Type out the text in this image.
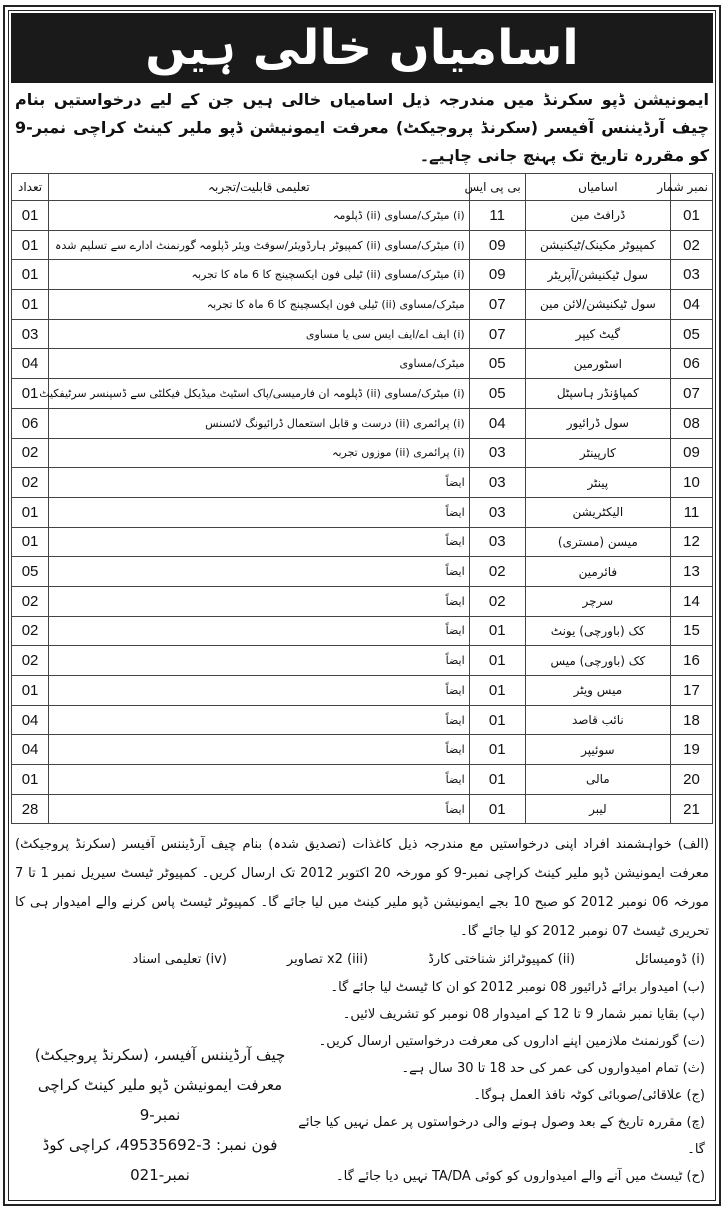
اسامیاں خالی ہیں
ایمونیشن ڈپو سکرنڈ میں مندرجہ ذیل اسامیاں خالی ہیں جن کے لیے درخواستیں بنام چیف آرڈیننس آفیسر (سکرنڈ پروجیکٹ) معرفت ایمونیشن ڈپو ملیر کینٹ کراچی نمبر-9 کو مقررہ تاریخ تک پہنچ جانی چاہیے۔
نمبر شمار	اسامیاں	بی پی ایس	تعلیمی قابلیت/تجربہ	تعداد
01	ڈرافٹ مین	11	(i) میٹرک/مساوی (ii) ڈپلومہ	01
02	کمپیوٹر مکینک/ٹیکنیشن	09	(i) میٹرک/مساوی (ii) کمپیوٹر ہارڈویئر/سوفٹ ویئر ڈپلومہ گورنمنٹ ادارے سے تسلیم شدہ	01
03	سول ٹیکنیشن/آپریٹر	09	(i) میٹرک/مساوی (ii) ٹیلی فون ایکسچینج کا 6 ماہ کا تجربہ	01
04	سول ٹیکنیشن/لائن مین	07	میٹرک/مساوی (ii) ٹیلی فون ایکسچینج کا 6 ماہ کا تجربہ	01
05	گیٹ کیپر	07	(i) ایف اے/ایف ایس سی یا مساوی	03
06	اسٹورمین	05	میٹرک/مساوی	04
07	کمپاؤنڈر ہاسپٹل	05	(i) میٹرک/مساوی (ii) ڈپلومہ ان فارمیسی/پاک اسٹیٹ میڈیکل فیکلٹی سے ڈسپنسر سرٹیفکیٹ	01
08	سول ڈرائیور	04	(i) پرائمری (ii) درست و قابل استعمال ڈرائیونگ لائسنس	06
09	کارپینٹر	03	(i) پرائمری (ii) موزوں تجربہ	02
10	پینٹر	03	ایضاً	02
11	الیکٹریشن	03	ایضاً	01
12	میسن (مستری)	03	ایضاً	01
13	فائرمین	02	ایضاً	05
14	سرچر	02	ایضاً	02
15	کک (باورچی) یونٹ	01	ایضاً	02
16	کک (باورچی) میس	01	ایضاً	02
17	میس ویٹر	01	ایضاً	01
18	نائب قاصد	01	ایضاً	04
19	سوئیپر	01	ایضاً	04
20	مالی	01	ایضاً	01
21	لیبر	01	ایضاً	28
(الف) خواہشمند افراد اپنی درخواستیں مع مندرجہ ذیل کاغذات (تصدیق شدہ) بنام چیف آرڈیننس آفیسر (سکرنڈ پروجیکٹ) معرفت ایمونیشن ڈپو ملیر کینٹ کراچی نمبر-9 کو مورخہ 20 اکتوبر 2012 تک ارسال کریں۔ کمپیوٹر ٹیسٹ سیریل نمبر 1 تا 7 مورخہ 06 نومبر 2012 کو صبح 10 بجے ایمونیشن ڈپو ملیر کینٹ میں لیا جائے گا۔ کمپیوٹر ٹیسٹ پاس کرنے والے امیدوار ہی کا تحریری ٹیسٹ 07 نومبر 2012 کو لیا جائے گا۔
(i) ڈومیسائل
(ii) کمپیوٹرائز شناختی کارڈ
(iii) x2 تصاویر
(iv) تعلیمی اسناد
(ب) امیدوار برائے ڈرائیور 08 نومبر 2012 کو ان کا ٹیسٹ لیا جائے گا۔
(پ) بقایا نمبر شمار 9 تا 12 کے امیدوار 08 نومبر کو تشریف لائیں۔
(ت) گورنمنٹ ملازمین اپنے اداروں کی معرفت درخواستیں ارسال کریں۔
(ث) تمام امیدواروں کی عمر کی حد 18 تا 30 سال ہے۔
(ج) علاقائی/صوبائی کوٹہ نافذ العمل ہوگا۔
(چ) مقررہ تاریخ کے بعد وصول ہونے والی درخواستوں پر عمل نہیں کیا جائے گا۔
(ح) ٹیسٹ میں آنے والے امیدواروں کو کوئی TA/DA نہیں دیا جائے گا۔
چیف آرڈیننس آفیسر، (سکرنڈ پروجیکٹ)
معرفت ایمونیشن ڈپو ملیر کینٹ کراچی نمبر-9
فون نمبر: 3-49535692، کراچی کوڈ نمبر-021
